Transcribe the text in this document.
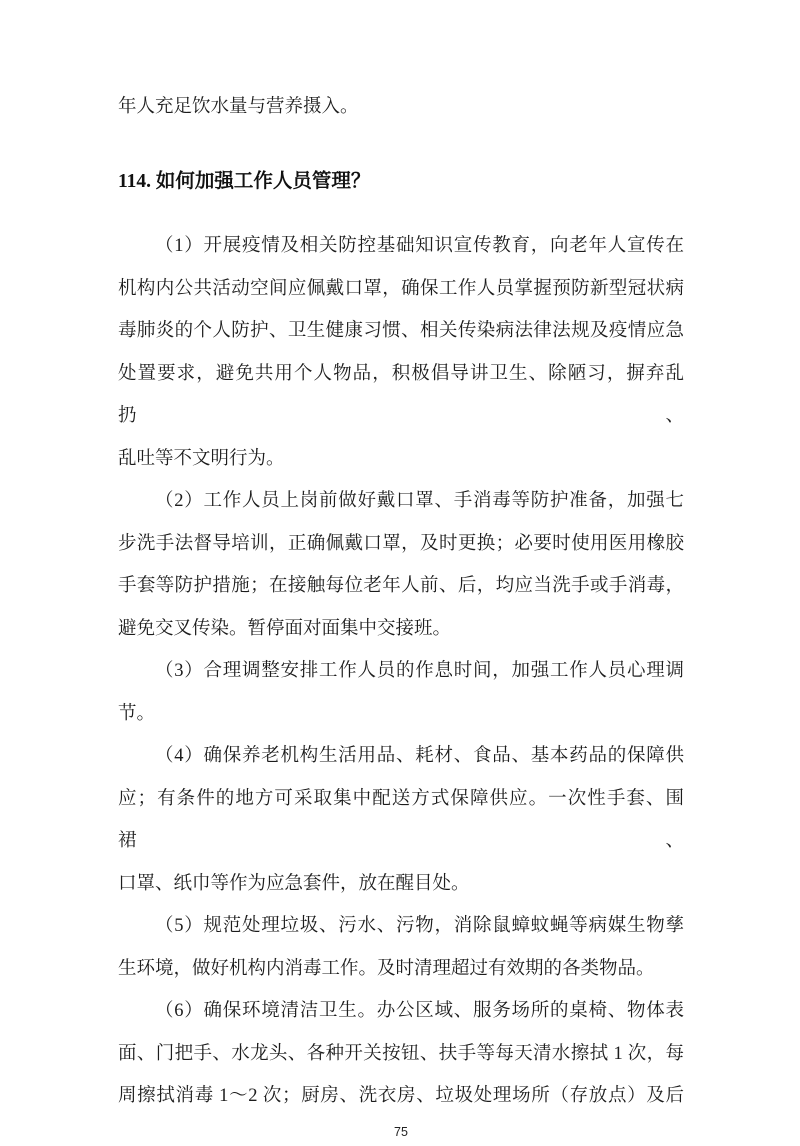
年人充足饮水量与营养摄入。

114. 如何加强工作人员管理？
（1）开展疫情及相关防控基础知识宣传教育，向老年人宣传在
机构内公共活动空间应佩戴口罩，确保工作人员掌握预防新型冠状病
毒肺炎的个人防护、卫生健康习惯、相关传染病法律法规及疫情应急
处置要求，避免共用个人物品，积极倡导讲卫生、除陋习，摒弃乱扔、
乱吐等不文明行为。
（2）工作人员上岗前做好戴口罩、手消毒等防护准备，加强七
步洗手法督导培训，正确佩戴口罩，及时更换；必要时使用医用橡胶
手套等防护措施；在接触每位老年人前、后，均应当洗手或手消毒，
避免交叉传染。暂停面对面集中交接班。
（3）合理调整安排工作人员的作息时间，加强工作人员心理调
节。
（4）确保养老机构生活用品、耗材、食品、基本药品的保障供
应；有条件的地方可采取集中配送方式保障供应。一次性手套、围裙、
口罩、纸巾等作为应急套件，放在醒目处。
（5）规范处理垃圾、污水、污物，消除鼠蟑蚊蝇等病媒生物孳
生环境，做好机构内消毒工作。及时清理超过有效期的各类物品。
（6）确保环境清洁卫生。办公区域、服务场所的桌椅、物体表
面、门把手、水龙头、各种开关按钮、扶手等每天清水擦拭 1 次，每
周擦拭消毒 1～2 次；厨房、洗衣房、垃圾处理场所（存放点）及后
75
